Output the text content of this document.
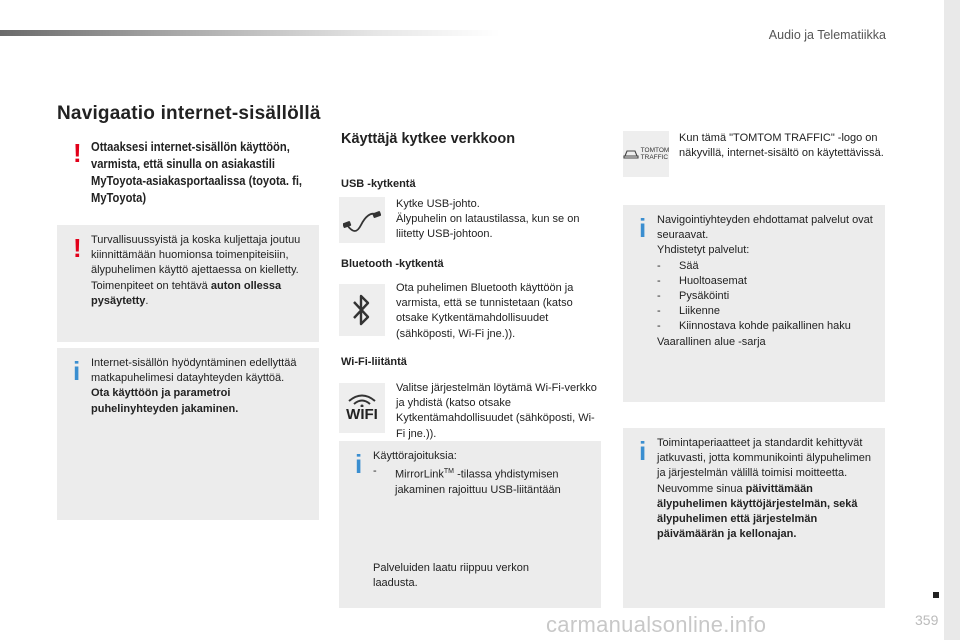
Audio ja Telematiikka
Navigaatio internet-sisällöllä
! Ottaaksesi internet-sisällön käyttöön, varmista, että sinulla on asiakastili MyToyota-asiakasportaalissa (toyota. fi, MyToyota)
! Turvallisuussyistä ja koska kuljettaja joutuu kiinnittämään huomionsa toimenpiteisiin, älypuhelimen käyttö ajettaessa on kielletty.
Toimenpiteet on tehtävä auton ollessa pysäytetty.
i Internet-sisällön hyödyntäminen edellyttää matkapuhelimesi datayhteyden käyttöä.
Ota käyttöön ja parametroi puhelinyhteyden jakaminen.
Käyttäjä kytkee verkkoon
USB -kytkentä
Kytke USB-johto.
Älypuhelin on lataustilassa, kun se on liitetty USB-johtoon.
Bluetooth -kytkentä
Ota puhelimen Bluetooth käyttöön ja varmista, että se tunnistetaan (katso otsake Kytkentämahdollisuudet (sähköposti, Wi-Fi jne.)).
Wi-Fi-liitäntä
WIFI
Valitse järjestelmän löytämä Wi-Fi-verkko ja yhdistä (katso otsake Kytkentämahdollisuudet (sähköposti, Wi-Fi jne.)).
i Käyttörajoituksia:
-	MirrorLink™ -tilassa yhdistymisen jakaminen rajoittuu USB-liitäntään
Palveluiden laatu riippuu verkon laadusta.
TOMTOM
TRAFFIC
Kun tämä "TOMTOM TRAFFIC" -logo on näkyvillä, internet-sisältö on käytettävissä.
i Navigointiyhteyden ehdottamat palvelut ovat seuraavat.
Yhdistetyt palvelut:
-	Sää
-	Huoltoasemat
-	Pysäköinti
-	Liikenne
-	Kiinnostava kohde paikallinen haku
Vaarallinen alue -sarja
i Toimintaperiaatteet ja standardit kehittyvät jatkuvasti, jotta kommunikointi älypuhelimen ja järjestelmän välillä toimisi moitteetta. Neuvomme sinua päivittämään älypuhelimen käyttöjärjestelmän, sekä älypuhelimen että järjestelmän päivämäärän ja kellonajan.
359
carmanualsonline.info
